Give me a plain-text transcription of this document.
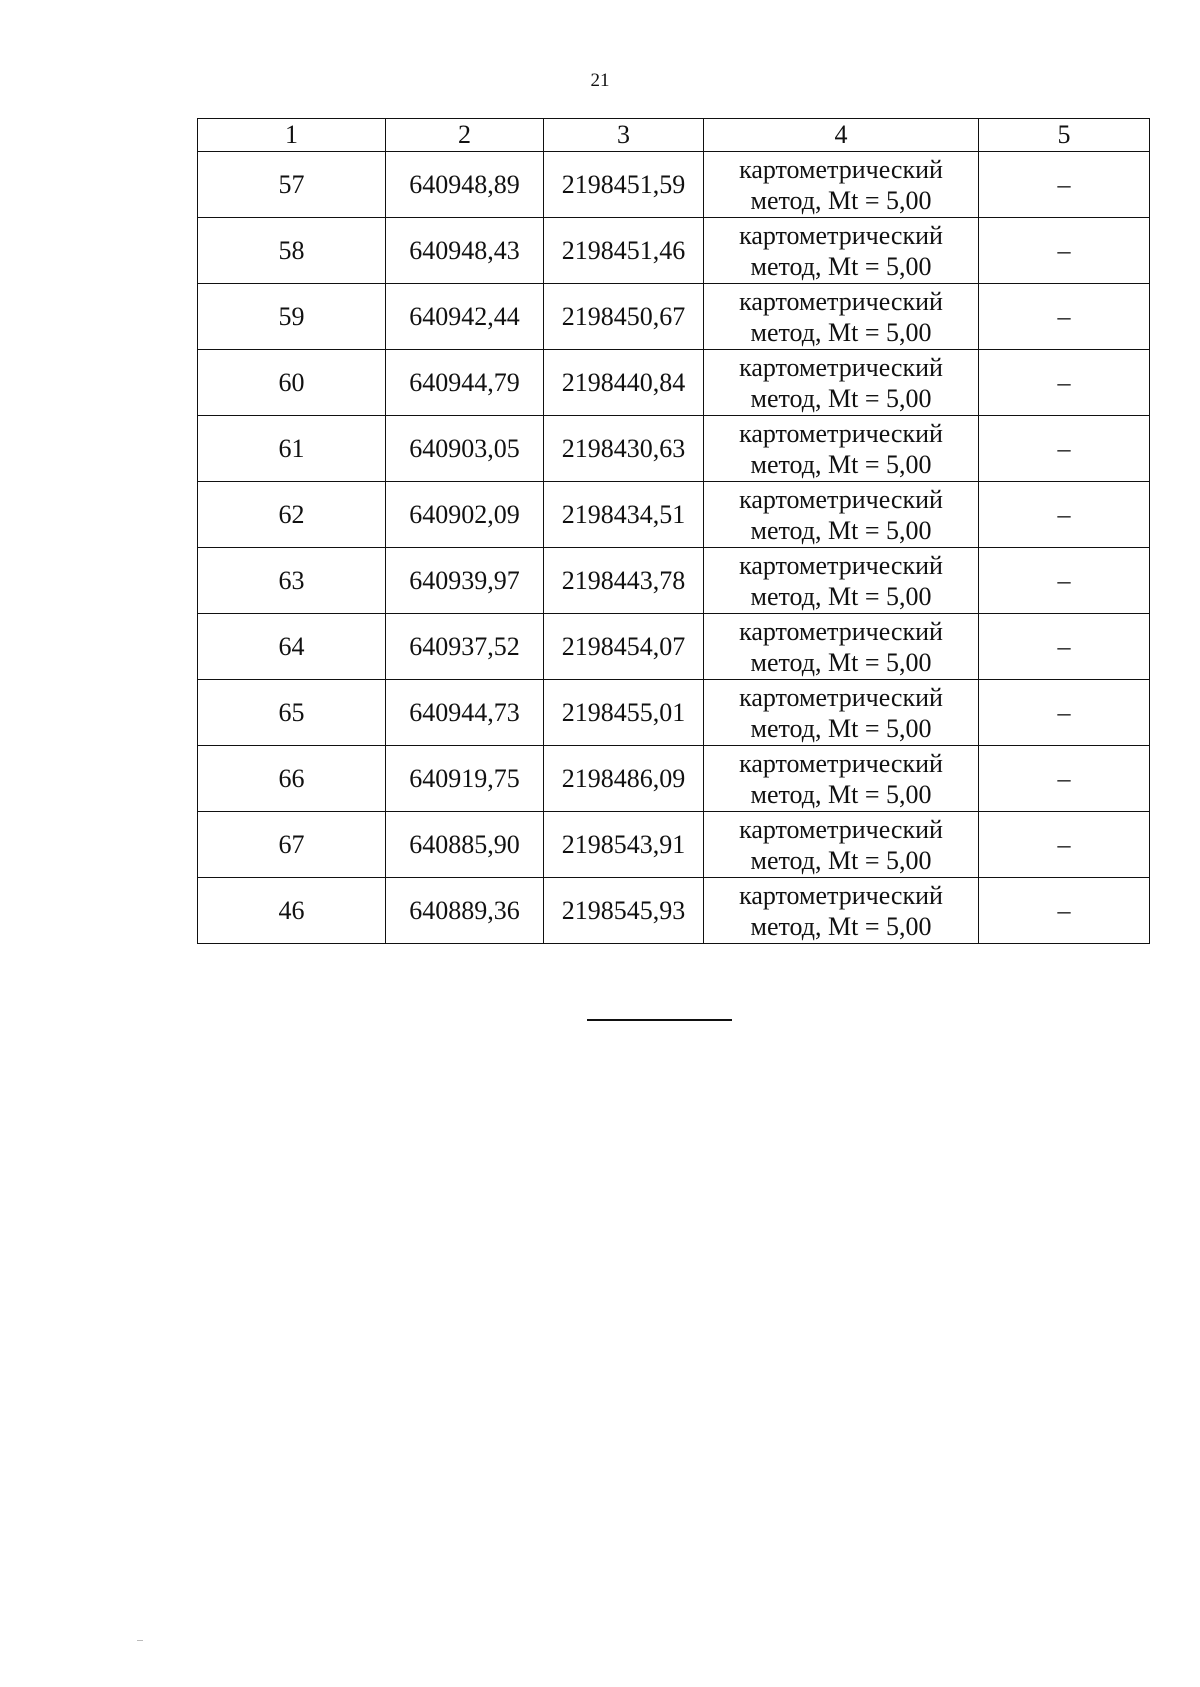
21
1	2	3	4	5
57	640948,89	2198451,59	картометрический
метод, Mt = 5,00	–
58	640948,43	2198451,46	картометрический
метод, Mt = 5,00	–
59	640942,44	2198450,67	картометрический
метод, Mt = 5,00	–
60	640944,79	2198440,84	картометрический
метод, Mt = 5,00	–
61	640903,05	2198430,63	картометрический
метод, Mt = 5,00	–
62	640902,09	2198434,51	картометрический
метод, Mt = 5,00	–
63	640939,97	2198443,78	картометрический
метод, Mt = 5,00	–
64	640937,52	2198454,07	картометрический
метод, Mt = 5,00	–
65	640944,73	2198455,01	картометрический
метод, Mt = 5,00	–
66	640919,75	2198486,09	картометрический
метод, Mt = 5,00	–
67	640885,90	2198543,91	картометрический
метод, Mt = 5,00	–
46	640889,36	2198545,93	картометрический
метод, Mt = 5,00	–
